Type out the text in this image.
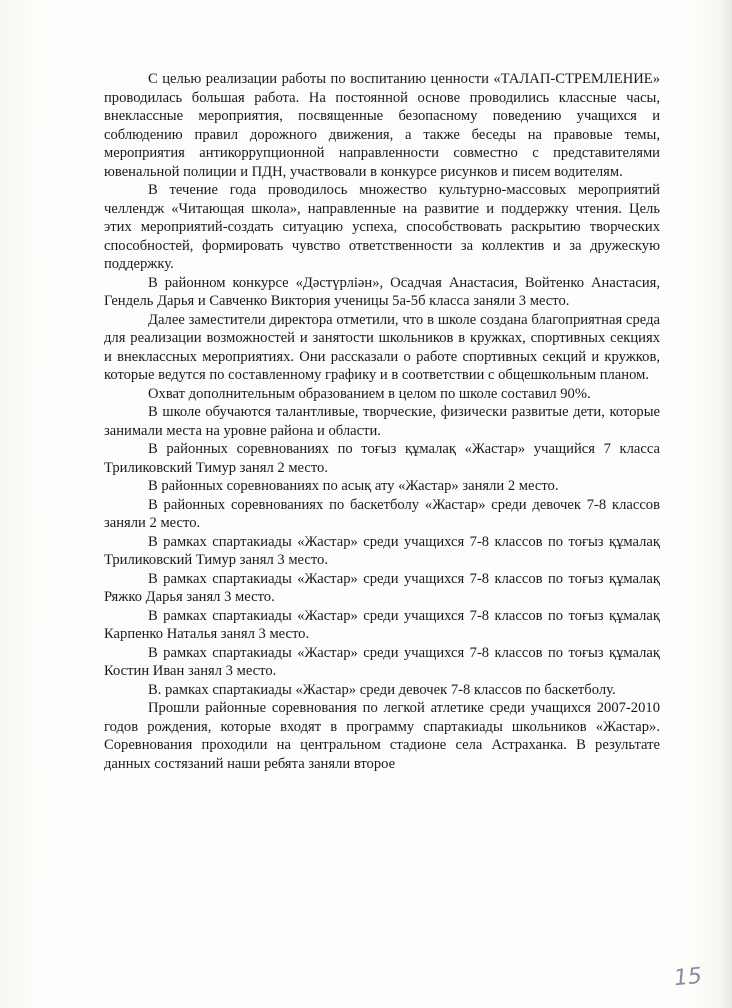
С целью реализации работы по воспитанию ценности «ТАЛАП-СТРЕМЛЕНИЕ» проводилась большая работа. На постоянной основе проводились классные часы, внеклассные мероприятия, посвященные безопасному поведению учащихся и соблюдению правил дорожного движения, а также беседы на правовые темы, мероприятия антикоррупционной направленности совместно с представителями ювенальной полиции и ПДН, участвовали в конкурсе рисунков и писем водителям.

В течение года проводилось множество культурно-массовых мероприятий челлендж «Читающая школа», направленные на развитие и поддержку чтения. Цель этих мероприятий-создать ситуацию успеха, способствовать раскрытию творческих способностей, формировать чувство ответственности за коллектив и за дружескую поддержку.

В районном конкурсе «Дәстүрліән», Осадчая Анастасия, Войтенко Анастасия, Гендель Дарья и Савченко Виктория ученицы 5а-5б класса заняли 3 место.

Далее заместители директора отметили, что в школе создана благоприятная среда для реализации возможностей и занятости школьников в кружках, спортивных секциях и внеклассных мероприятиях. Они рассказали о работе спортивных секций и кружков, которые ведутся по составленному графику и в соответствии с общешкольным планом.

Охват дополнительным образованием в целом по школе составил 90%.

В школе обучаются талантливые, творческие, физически развитые дети, которые занимали места на уровне района и области.

В районных соревнованиях по тоғыз құмалақ «Жастар» учащийся 7 класса Триликовский Тимур занял 2 место.

В районных соревнованиях по асық ату «Жастар» заняли 2 место.

В районных соревнованиях по баскетболу «Жастар» среди девочек 7-8 классов заняли 2 место.

В рамках спартакиады «Жастар» среди учащихся 7-8 классов по тоғыз құмалақ Триликовский Тимур занял 3 место.

В рамках спартакиады «Жастар» среди учащихся 7-8 классов по тоғыз құмалақ Ряжко Дарья занял 3 место.

В рамках спартакиады «Жастар» среди учащихся 7-8 классов по тоғыз құмалақ Карпенко Наталья занял 3 место.

В рамках спартакиады «Жастар» среди учащихся 7-8 классов по тоғыз құмалақ Костин Иван занял 3 место.

В. рамках спартакиады «Жастар» среди девочек 7-8 классов по баскетболу.

Прошли районные соревнования по легкой атлетике среди учащихся 2007-2010 годов рождения, которые входят в программу спартакиады школьников «Жастар». Соревнования проходили на центральном стадионе села Астраханка. В результате данных состязаний наши ребята заняли второе

15
